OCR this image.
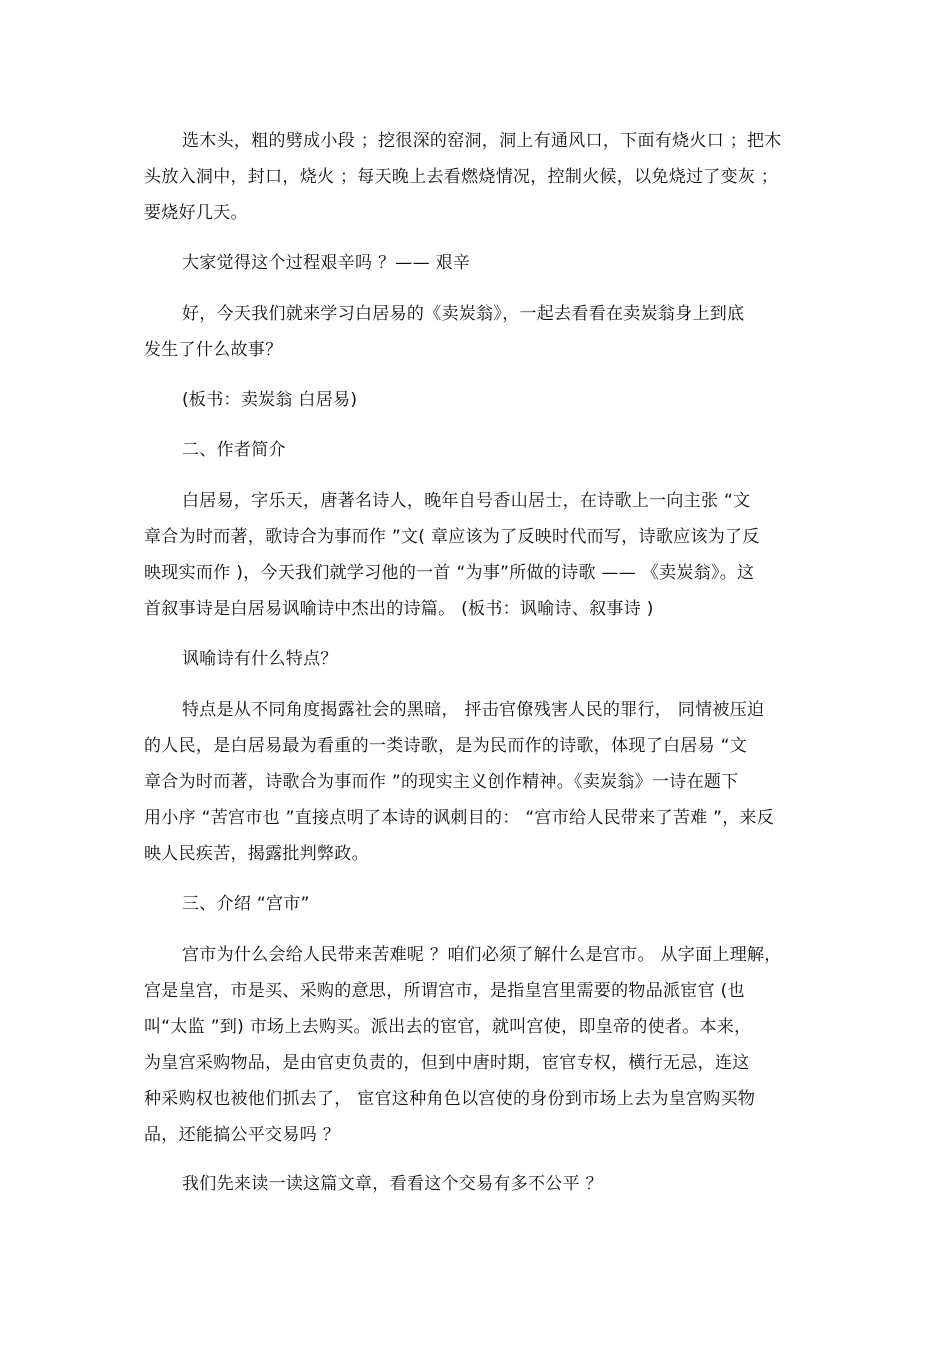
选木头，粗的劈成小段 ；挖很深的窑洞，洞上有通风口，下面有烧火口 ；把木
头放入洞中，封口，烧火 ；每天晚上去看燃烧情况，控制火候，以免烧过了变灰 ；
要烧好几天。
大家觉得这个过程艰辛吗 ？—— 艰辛
好，今天我们就来学习白居易的《卖炭翁》，一起去看看在卖炭翁身上到底
发生了什么故事？
(板书：卖炭翁 白居易)
二、作者简介
白居易，字乐天，唐著名诗人，晚年自号香山居士，在诗歌上一向主张 “文
章合为时而著，歌诗合为事而作 ”文( 章应该为了反映时代而写，诗歌应该为了反
映现实而作 )，今天我们就学习他的一首 “为事”所做的诗歌 —— 《卖炭翁》。这
首叙事诗是白居易讽喻诗中杰出的诗篇。 (板书：讽喻诗、叙事诗 )
讽喻诗有什么特点？
特点是从不同角度揭露社会的黑暗， 抨击官僚残害人民的罪行， 同情被压迫
的人民，是白居易最为看重的一类诗歌，是为民而作的诗歌，体现了白居易 “文
章合为时而著，诗歌合为事而作 ”的现实主义创作精神。《卖炭翁》一诗在题下
用小序 “苦宫市也 ”直接点明了本诗的讽刺目的： “宫市给人民带来了苦难 ”，来反
映人民疾苦，揭露批判弊政。
三、介绍 “宫市”
宫市为什么会给人民带来苦难呢 ？咱们必须了解什么是宫市。 从字面上理解，
宫是皇宫，市是买、采购的意思，所谓宫市，是指皇宫里需要的物品派宦官 (也
叫“太监 ”到) 市场上去购买。派出去的宦官，就叫宫使，即皇帝的使者。本来，
为皇宫采购物品，是由官吏负责的，但到中唐时期，宦官专权，横行无忌，连这
种采购权也被他们抓去了， 宦官这种角色以宫使的身份到市场上去为皇宫购买物
品，还能搞公平交易吗 ？
我们先来读一读这篇文章，看看这个交易有多不公平 ？
